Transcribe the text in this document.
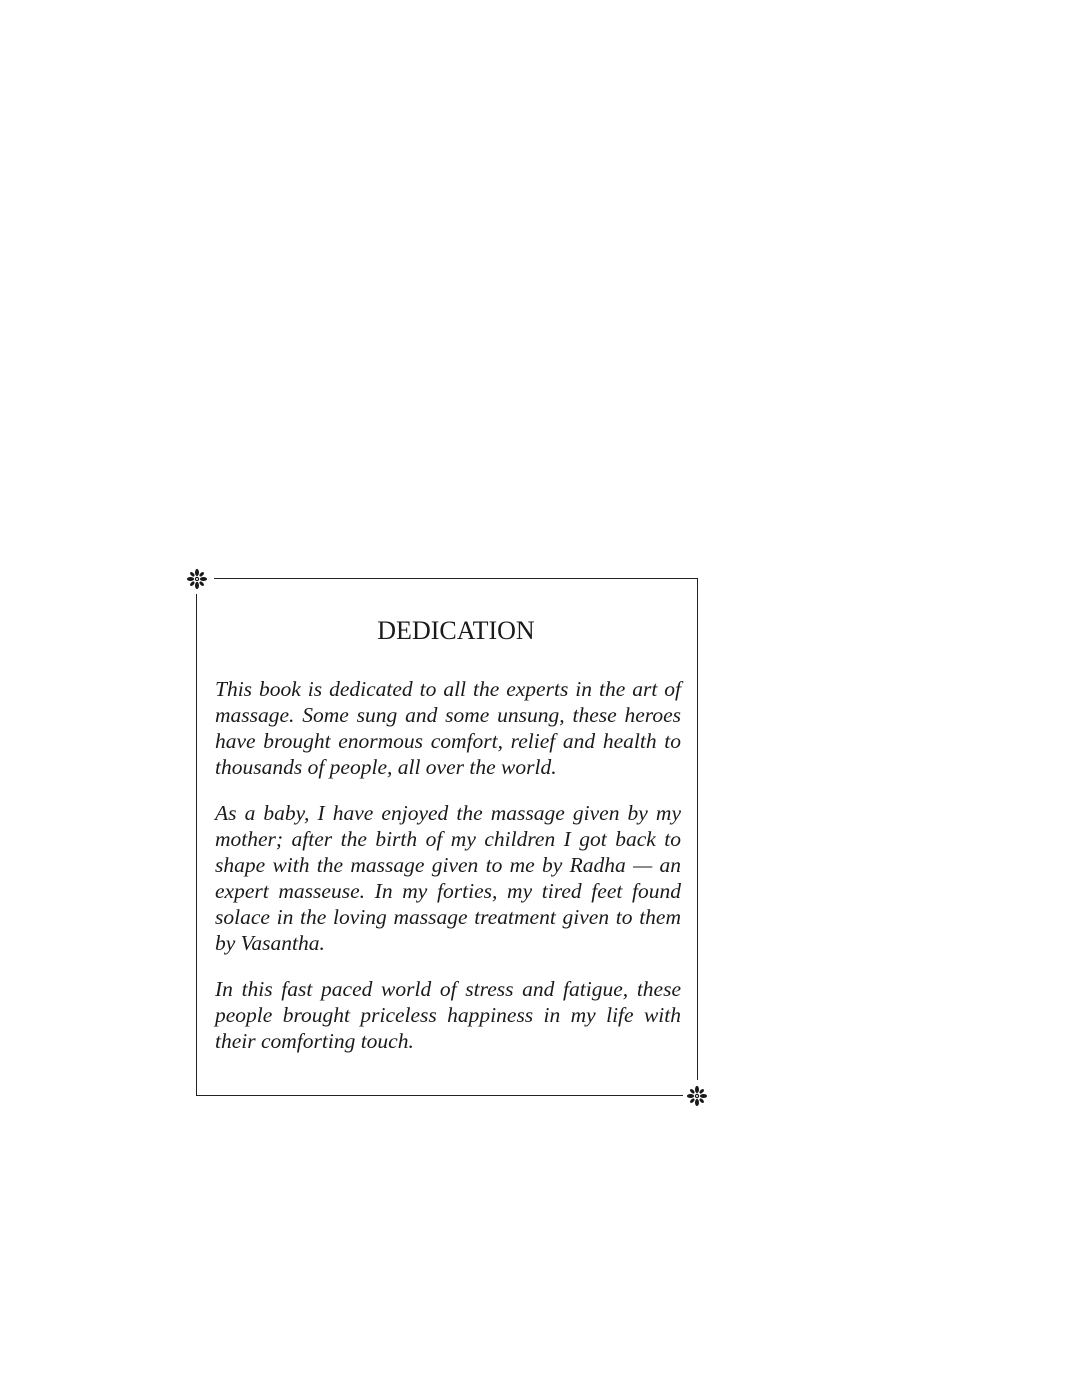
DEDICATION

This book is dedicated to all the experts in the art of massage. Some sung and some unsung, these heroes have brought enormous comfort, relief and health to thousands of people, all over the world.

As a baby, I have enjoyed the massage given by my mother; after the birth of my children I got back to shape with the massage given to me by Radha — an expert masseuse. In my forties, my tired feet found solace in the loving massage treatment given to them by Vasantha.

In this fast paced world of stress and fatigue, these people brought priceless happiness in my life with their comforting touch.
